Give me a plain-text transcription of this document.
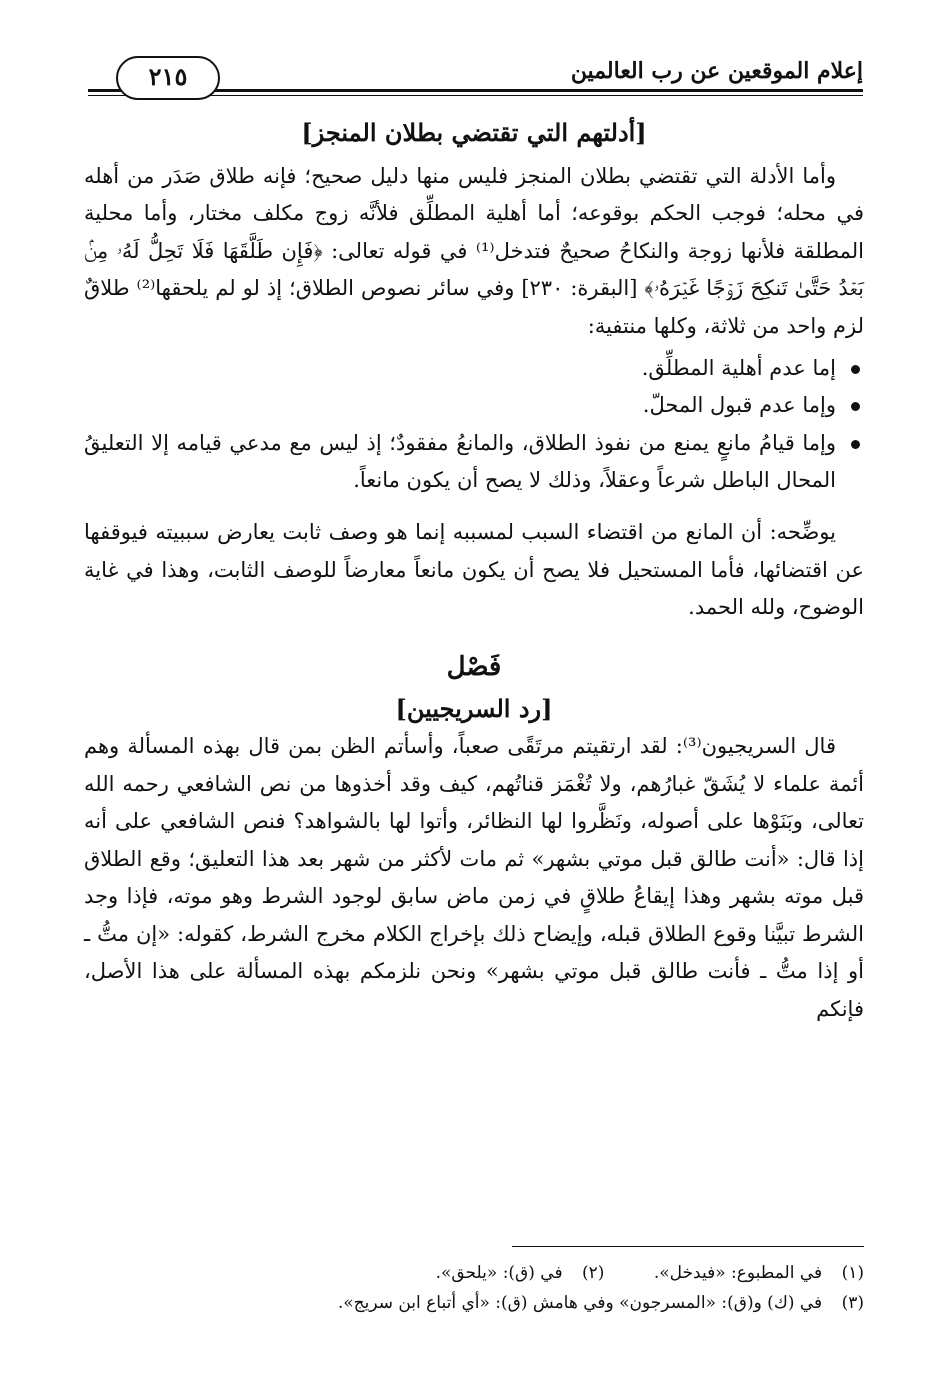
إعلام الموقعين عن رب العالمين
٢١٥

[أدلتهم التي تقتضي بطلان المنجز]

وأما الأدلة التي تقتضي بطلان المنجز فليس منها دليل صحيح؛ فإنه طلاق صَدَر من أهله في محله؛ فوجب الحكم بوقوعه؛ أما أهلية المطلِّق فلأنَّه زوج مكلف مختار، وأما محلية المطلقة فلأنها زوجة والنكاحُ صحيحٌ فتدخل⁽¹⁾ في قوله تعالى: ﴿فَإِن طَلَّقَهَا فَلَا تَحِلُّ لَهُۥ مِنۢ بَعۡدُ حَتَّىٰ تَنكِحَ زَوۡجًا غَيۡرَهُۥ﴾ [البقرة: ٢٣٠] وفي سائر نصوص الطلاق؛ إذ لو لم يلحقها⁽²⁾ طلاقٌ لزم واحد من ثلاثة، وكلها منتفية:

إما عدم أهلية المطلِّق.
وإما عدم قبول المحلّ.
وإما قيامُ مانعٍ يمنع من نفوذ الطلاق، والمانعُ مفقودٌ؛ إذ ليس مع مدعي قيامه إلا التعليقُ المحال الباطل شرعاً وعقلاً، وذلك لا يصح أن يكون مانعاً.

يوضِّحه: أن المانع من اقتضاء السبب لمسببه إنما هو وصف ثابت يعارض سببيته فيوقفها عن اقتضائها، فأما المستحيل فلا يصح أن يكون مانعاً معارضاً للوصف الثابت، وهذا في غاية الوضوح، ولله الحمد.

فَصْل

[رد السريجيين]

قال السريجيون⁽³⁾: لقد ارتقيتم مرتَقًى صعباً، وأسأتم الظن بمن قال بهذه المسألة وهم أئمة علماء لا يُشَقّ غبارُهم، ولا تُغْمَز قناتُهم، كيف وقد أخذوها من نص الشافعي رحمه الله تعالى، وبَنَوْها على أصوله، ونَظَّروا لها النظائر، وأتوا لها بالشواهد؟ فنص الشافعي على أنه إذا قال: «أنت طالق قبل موتي بشهر» ثم مات لأكثر من شهر بعد هذا التعليق؛ وقع الطلاق قبل موته بشهر وهذا إيقاعُ طلاقٍ في زمن ماض سابق لوجود الشرط وهو موته، فإذا وجد الشرط تبيَّنا وقوع الطلاق قبله، وإيضاح ذلك بإخراج الكلام مخرج الشرط، كقوله: «إن متُّ ـ أو إذا متُّ ـ فأنت طالق قبل موتي بشهر» ونحن نلزمكم بهذه المسألة على هذا الأصل، فإنكم

(١) في المطبوع: «فيدخل». (٢) في (ق): «يلحق».
(٣) في (ك) و(ق): «المسرجون» وفي هامش (ق): «أي أتباع ابن سريج».
